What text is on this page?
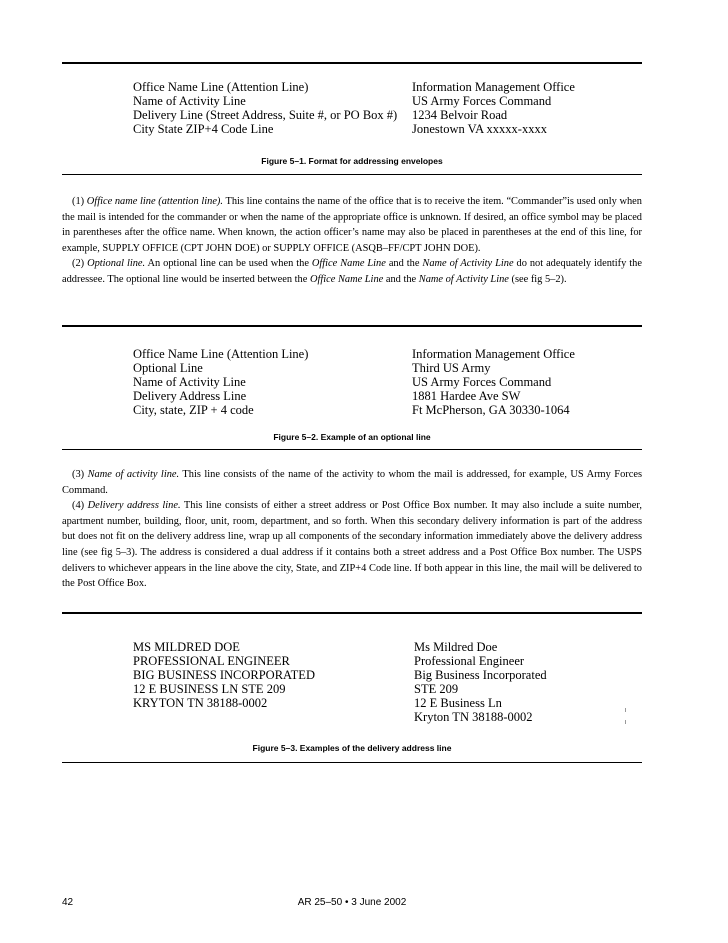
Office Name Line (Attention Line)
Name of Activity Line
Delivery Line (Street Address, Suite #, or PO Box #)
City State ZIP+4 Code Line
Information Management Office
US Army Forces Command
1234 Belvoir Road
Jonestown VA xxxxx-xxxx
Figure 5–1. Format for addressing envelopes

(1) Office name line (attention line). This line contains the name of the office that is to receive the item. “Commander”is used only when the mail is intended for the commander or when the name of the appropriate office is unknown. If desired, an office symbol may be placed in parentheses after the office name. When known, the action officer’s name may also be placed in parentheses at the end of this line, for example, SUPPLY OFFICE (CPT JOHN DOE) or SUPPLY OFFICE (ASQB–FF/CPT JOHN DOE).

(2) Optional line. An optional line can be used when the Office Name Line and the Name of Activity Line do not adequately identify the addressee. The optional line would be inserted between the Office Name Line and the Name of Activity Line (see fig 5–2).

Office Name Line (Attention Line)
Optional Line
Name of Activity Line
Delivery Address Line
City, state, ZIP + 4 code
Information Management Office
Third US Army
US Army Forces Command
1881 Hardee Ave SW
Ft McPherson, GA 30330-1064
Figure 5–2. Example of an optional line

(3) Name of activity line. This line consists of the name of the activity to whom the mail is addressed, for example, US Army Forces Command.

(4) Delivery address line. This line consists of either a street address or Post Office Box number. It may also include a suite number, apartment number, building, floor, unit, room, department, and so forth. When this secondary delivery information is part of the address but does not fit on the delivery address line, wrap up all components of the secondary information immediately above the delivery address line (see fig 5–3). The address is considered a dual address if it contains both a street address and a Post Office Box number. The USPS delivers to whichever appears in the line above the city, State, and ZIP+4 Code line. If both appear in this line, the mail will be delivered to the Post Office Box.

MS MILDRED DOE
PROFESSIONAL ENGINEER
BIG BUSINESS INCORPORATED
12 E BUSINESS LN STE 209
KRYTON TN 38188-0002
Ms Mildred Doe
Professional Engineer
Big Business Incorporated
STE 209
12 E Business Ln
Kryton TN 38188-0002
Figure 5–3. Examples of the delivery address line
42	AR 25–50 • 3 June 2002
